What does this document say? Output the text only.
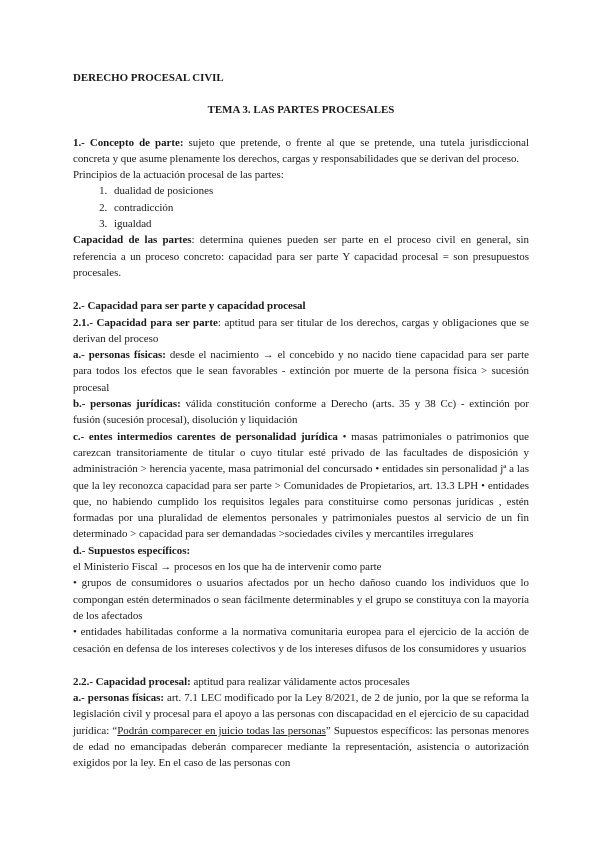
DERECHO PROCESAL CIVIL

TEMA 3. LAS PARTES PROCESALES

1.- Concepto de parte: sujeto que pretende, o frente al que se pretende, una tutela jurisdiccional concreta y que asume plenamente los derechos, cargas y responsabilidades que se derivan del proceso.

Principios de la actuación procesal de las partes:

1. dualidad de posiciones
2. contradicción
3. igualdad

Capacidad de las partes: determina quienes pueden ser parte en el proceso civil en general, sin referencia a un proceso concreto: capacidad para ser parte Y capacidad procesal = son presupuestos procesales.

2.- Capacidad para ser parte y capacidad procesal

2.1.- Capacidad para ser parte: aptitud para ser titular de los derechos, cargas y obligaciones que se derivan del proceso

a.- personas físicas: desde el nacimiento → el concebido y no nacido tiene capacidad para ser parte para todos los efectos que le sean favorables - extinción por muerte de la persona física > sucesión procesal

b.- personas jurídicas: válida constitución conforme a Derecho (arts. 35 y 38 Cc) - extinción por fusión (sucesión procesal), disolución y liquidación

c.- entes intermedios carentes de personalidad jurídica • masas patrimoniales o patrimonios que carezcan transitoriamente de titular o cuyo titular esté privado de las facultades de disposición y administración > herencia yacente, masa patrimonial del concursado • entidades sin personalidad jª a las que la ley reconozca capacidad para ser parte > Comunidades de Propietarios, art. 13.3 LPH • entidades que, no habiendo cumplido los requisitos legales para constituirse como personas jurídicas , estén formadas por una pluralidad de elementos personales y patrimoniales puestos al servicio de un fin determinado > capacidad para ser demandadas >sociedades civiles y mercantiles irregulares

d.- Supuestos específicos:

el Ministerio Fiscal → procesos en los que ha de intervenir como parte

• grupos de consumidores o usuarios afectados por un hecho dañoso cuando los individuos que lo compongan estén determinados o sean fácilmente determinables y el grupo se constituya con la mayoría de los afectados

• entidades habilitadas conforme a la normativa comunitaria europea para el ejercicio de la acción de cesación en defensa de los intereses colectivos y de los intereses difusos de los consumidores y usuarios

2.2.- Capacidad procesal: aptitud para realizar válidamente actos procesales

a.- personas físicas: art. 7.1 LEC modificado por la Ley 8/2021, de 2 de junio, por la que se reforma la legislación civil y procesal para el apoyo a las personas con discapacidad en el ejercicio de su capacidad jurídica: “Podrán comparecer en juicio todas las personas” Supuestos específicos: las personas menores de edad no emancipadas deberán comparecer mediante la representación, asistencia o autorización exigidos por la ley. En el caso de las personas con
